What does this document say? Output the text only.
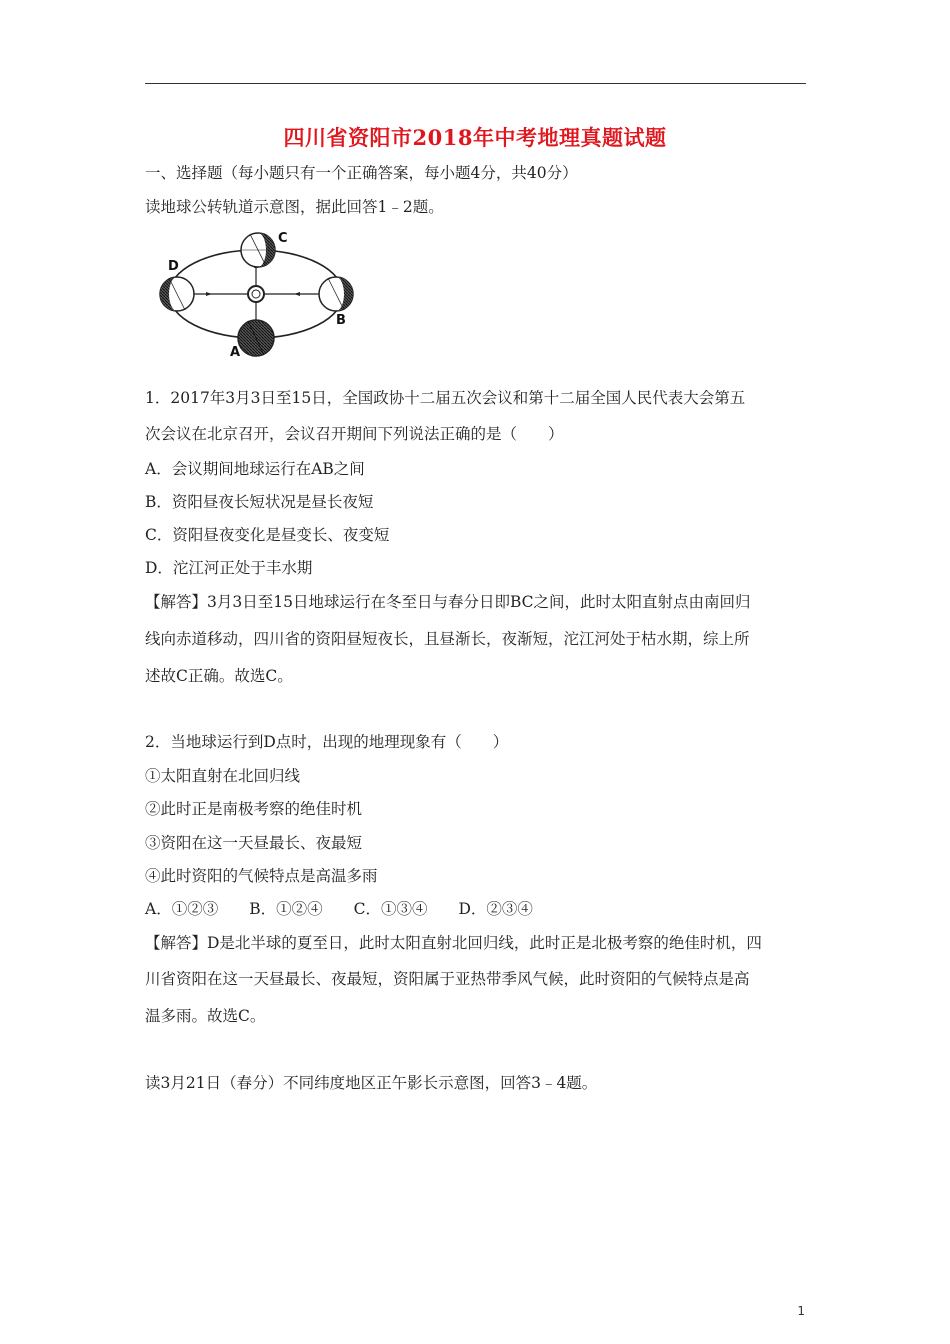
四川省资阳市2018年中考地理真题试题
一、选择题（每小题只有一个正确答案，每小题4分，共40分）
读地球公转轨道示意图，据此回答1﹣2题。
C
D
B
A
1．2017年3月3日至15日，全国政协十二届五次会议和第十二届全国人民代表大会第五
次会议在北京召开，会议召开期间下列说法正确的是（　　）
A．会议期间地球运行在AB之间
B．资阳昼夜长短状况是昼长夜短
C．资阳昼夜变化是昼变长、夜变短
D．沱江河正处于丰水期
【解答】3月3日至15日地球运行在冬至日与春分日即BC之间，此时太阳直射点由南回归
线向赤道移动，四川省的资阳昼短夜长，且昼渐长，夜渐短，沱江河处于枯水期，综上所
述故C正确。故选C。
2．当地球运行到D点时，出现的地理现象有（　　）
①太阳直射在北回归线
②此时正是南极考察的绝佳时机
③资阳在这一天昼最长、夜最短
④此时资阳的气候特点是高温多雨
A．①②③　　B．①②④　　C．①③④　　D．②③④
【解答】D是北半球的夏至日，此时太阳直射北回归线，此时正是北极考察的绝佳时机，四
川省资阳在这一天昼最长、夜最短，资阳属于亚热带季风气候，此时资阳的气候特点是高
温多雨。故选C。
读3月21日（春分）不同纬度地区正午影长示意图，回答3﹣4题。
1
